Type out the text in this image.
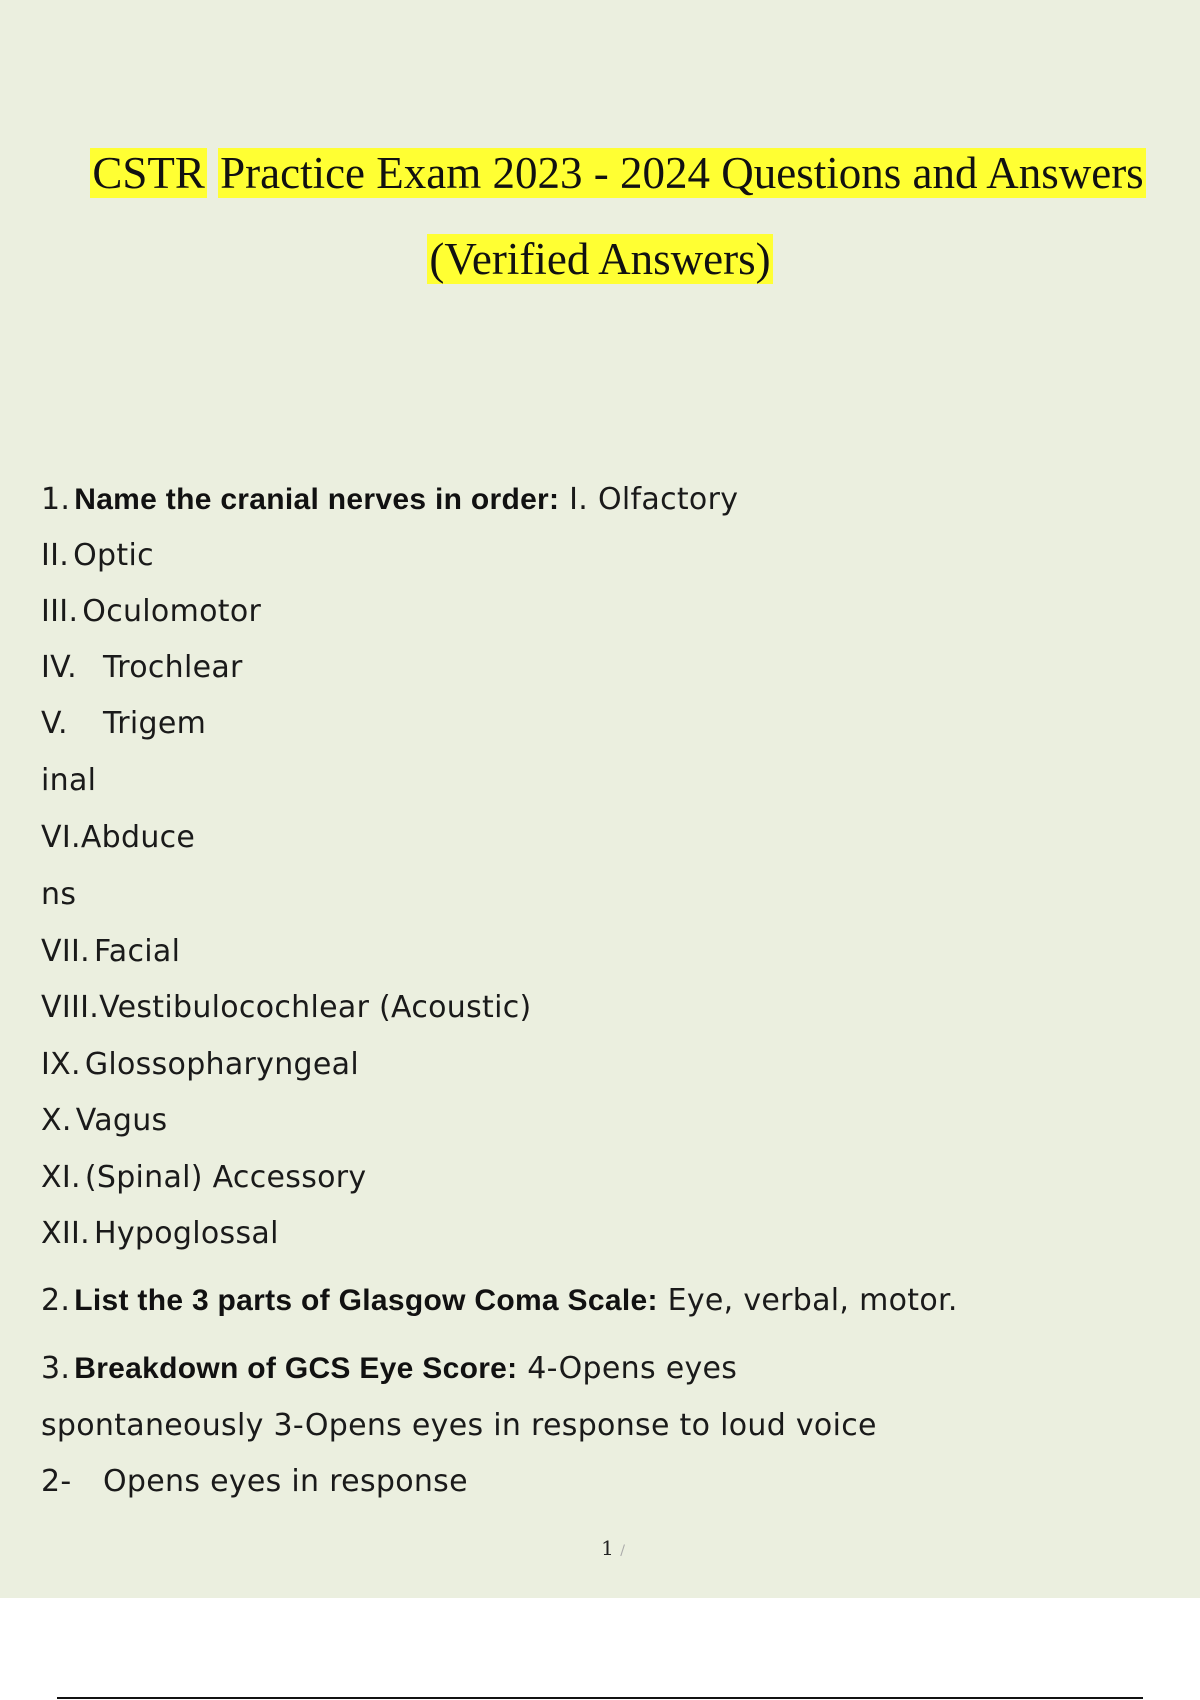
CSTR Practice Exam 2023 - 2024 Questions and Answers
(Verified Answers)
1. Name the cranial nerves in order: I. Olfactory
II. Optic
III. Oculomotor
IV. Trochlear
V. Trigem
inal
VI.Abduce
ns
VII. Facial
VIII.Vestibulocochlear (Acoustic)
IX. Glossopharyngeal
X. Vagus
XI. (Spinal) Accessory
XII. Hypoglossal
2. List the 3 parts of Glasgow Coma Scale: Eye, verbal, motor.
3. Breakdown of GCS Eye Score: 4-Opens eyes
spontaneously 3-Opens eyes in response to loud voice
2- Opens eyes in response
1 /
